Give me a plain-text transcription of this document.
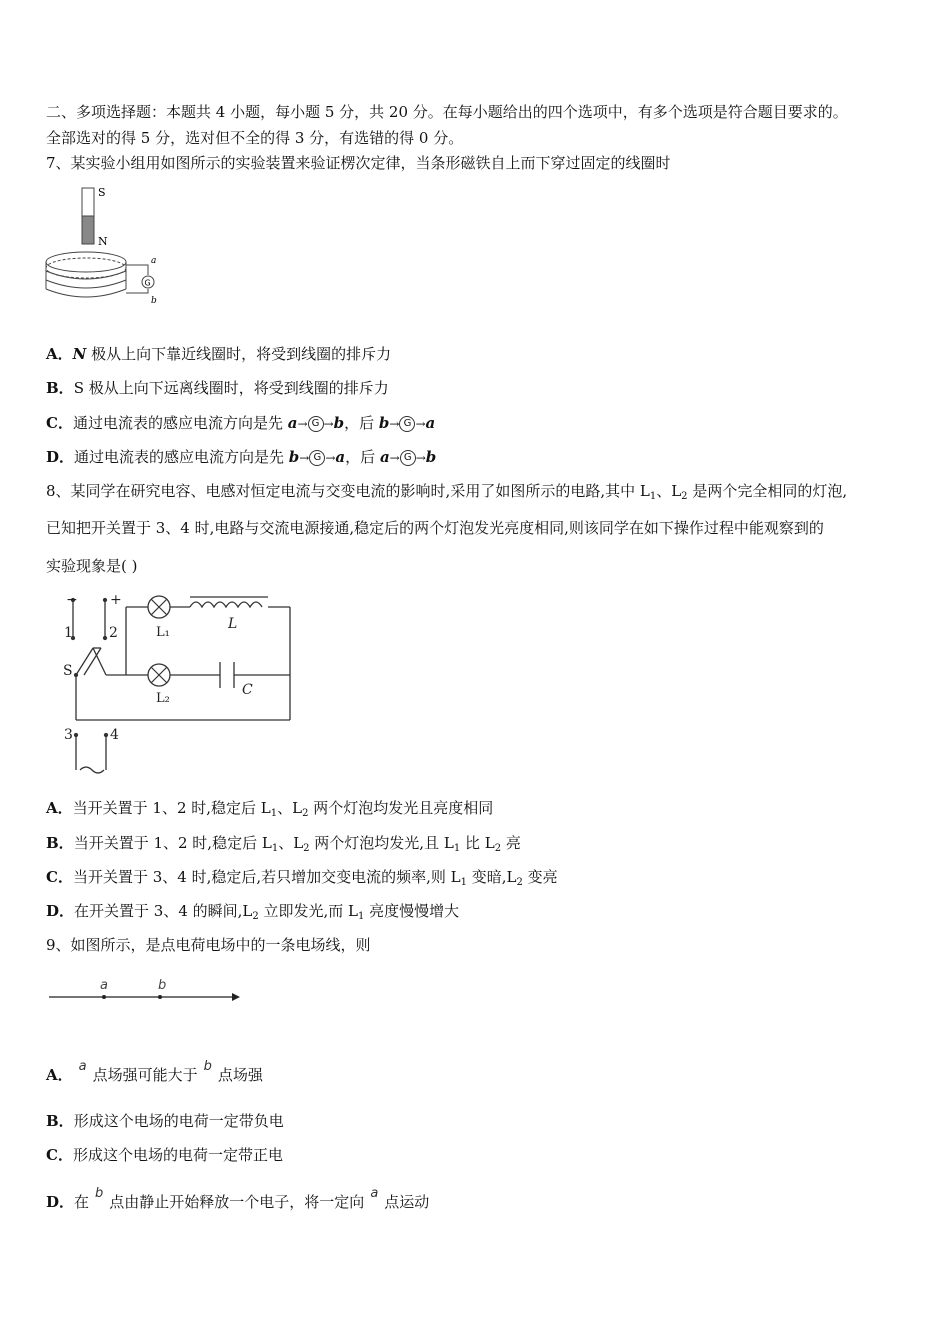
二、多项选择题：本题共 4 小题，每小题 5 分，共 20 分。在每小题给出的四个选项中，有多个选项是符合题目要求的。
全部选对的得 5 分，选对但不全的得 3 分，有选错的得 0 分。
7、某实验小组用如图所示的实验装置来验证楞次定律，当条形磁铁自上而下穿过固定的线圈时
S
N
G
a
b
A．N 极从上向下靠近线圈时，将受到线圈的排斥力
B．S 极从上向下远离线圈时，将受到线圈的排斥力
C．通过电流表的感应电流方向是先 a→ G →b，后 b→ G →a
D．通过电流表的感应电流方向是先 b→ G →a，后 a→ G →b
8、某同学在研究电容、电感对恒定电流与交变电流的影响时,采用了如图所示的电路,其中 $L_1$、$L_2$ 是两个完全相同的灯泡,
已知把开关置于 3、4 时,电路与交流电源接通,稳定后的两个灯泡发光亮度相同,则该同学在如下操作过程中能观察到的
实验现象是( )
− +
1	2
S
L₁
L₂
L
C
3	4
A．当开关置于 1、2 时,稳定后 $L_1$、$L_2$ 两个灯泡均发光且亮度相同
B．当开关置于 1、2 时,稳定后 $L_1$、$L_2$ 两个灯泡均发光,且 $L_1$ 比 $L_2$ 亮
C．当开关置于 3、4 时,稳定后,若只增加交变电流的频率,则 $L_1$ 变暗$,L_2$ 变亮
D．在开关置于 3、4 的瞬间$,L_2$ 立即发光,而 $L_1$ 亮度慢慢增大
9、如图所示，是点电荷电场中的一条电场线，则
a	b
A． a 点场强可能大于 b 点场强
B．形成这个电场的电荷一定带负电
C．形成这个电场的电荷一定带正电
D．在 b 点由静止开始释放一个电子，将一定向 a 点运动
